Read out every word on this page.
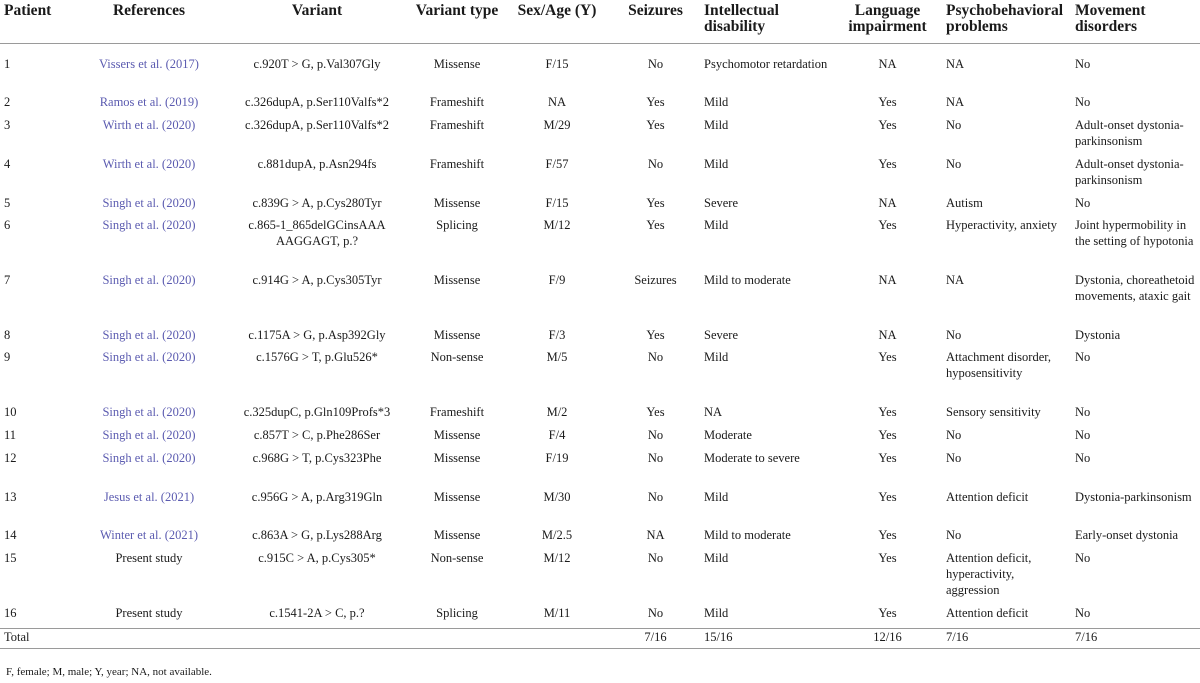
Patient	References	Variant	Variant type	Sex/Age (Y)	Seizures	Intellectual disability	Language impairment	Psychobehavioral problems	Movement disorders

1	Vissers et al. (2017)	c.920T > G, p.Val307Gly	Missense	F/15	No	Psychomotor retardation	NA	NA	No
2	Ramos et al. (2019)	c.326dupA, p.Ser110Valfs*2	Frameshift	NA	Yes	Mild	Yes	NA	No
3	Wirth et al. (2020)	c.326dupA, p.Ser110Valfs*2	Frameshift	M/29	Yes	Mild	Yes	No	Adult-onset dystonia-parkinsonism
4	Wirth et al. (2020)	c.881dupA, p.Asn294fs	Frameshift	F/57	No	Mild	Yes	No	Adult-onset dystonia-parkinsonism
5	Singh et al. (2020)	c.839G > A, p.Cys280Tyr	Missense	F/15	Yes	Severe	NA	Autism	No
6	Singh et al. (2020)	c.865-1_865delGCinsAAA AAGGAGT, p.?	Splicing	M/12	Yes	Mild	Yes	Hyperactivity, anxiety	Joint hypermobility in the setting of hypotonia
7	Singh et al. (2020)	c.914G > A, p.Cys305Tyr	Missense	F/9	Seizures	Mild to moderate	NA	NA	Dystonia, choreathetoid movements, ataxic gait
8	Singh et al. (2020)	c.1175A > G, p.Asp392Gly	Missense	F/3	Yes	Severe	NA	No	Dystonia
9	Singh et al. (2020)	c.1576G > T, p.Glu526*	Non-sense	M/5	No	Mild	Yes	Attachment disorder, hyposensitivity	No
10	Singh et al. (2020)	c.325dupC, p.Gln109Profs*3	Frameshift	M/2	Yes	NA	Yes	Sensory sensitivity	No
11	Singh et al. (2020)	c.857T > C, p.Phe286Ser	Missense	F/4	No	Moderate	Yes	No	No
12	Singh et al. (2020)	c.968G > T, p.Cys323Phe	Missense	F/19	No	Moderate to severe	Yes	No	No
13	Jesus et al. (2021)	c.956G > A, p.Arg319Gln	Missense	M/30	No	Mild	Yes	Attention deficit	Dystonia-parkinsonism
14	Winter et al. (2021)	c.863A > G, p.Lys288Arg	Missense	M/2.5	NA	Mild to moderate	Yes	No	Early-onset dystonia
15	Present study	c.915C > A, p.Cys305*	Non-sense	M/12	No	Mild	Yes	Attention deficit, hyperactivity, aggression	No
16	Present study	c.1541-2A > C, p.?	Splicing	M/11	No	Mild	Yes	Attention deficit	No
Total					7/16	15/16	12/16	7/16	7/16
F, female; M, male; Y, year; NA, not available.
